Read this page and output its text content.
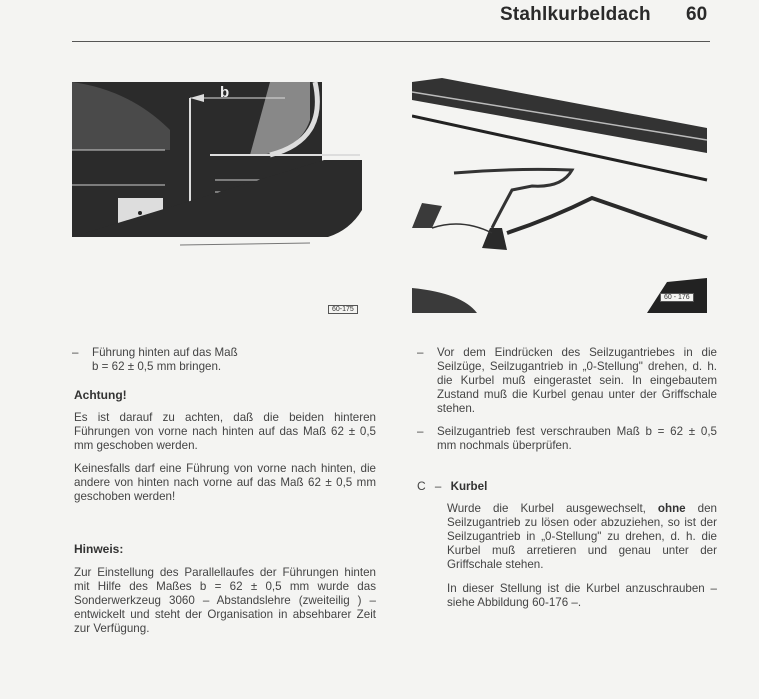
Stahlkurbeldach 60
b
60-175
60 - 176
– Führung hinten auf das Maß
b = 62 ± 0,5 mm bringen.
Achtung!

Es ist darauf zu achten, daß die beiden hinteren Führungen von vorne nach hinten auf das Maß 62 ± 0,5 mm geschoben werden.

Keinesfalls darf eine Führung von vorne nach hinten, die andere von hinten nach vorne auf das Maß 62 ± 0,5 mm geschoben werden!

Hinweis:

Zur Einstellung des Parallellaufes der Führungen hinten mit Hilfe des Maßes b = 62 ± 0,5 mm wurde das Sonderwerkzeug 3060 – Abstandslehre (zweiteilig ) – entwickelt und steht der Organisation in absehbarer Zeit zur Verfügung.

– Vor dem Eindrücken des Seilzugantriebes in die Seilzüge, Seilzugantrieb in „0-Stellung" drehen, d. h. die Kurbel muß eingerastet sein. In eingebautem Zustand muß die Kurbel genau unter der Griffschale stehen.

– Seilzugantrieb fest verschrauben Maß b = 62 ± 0,5 mm nochmals überprüfen.

C – Kurbel

Wurde die Kurbel ausgewechselt, ohne den Seilzugantrieb zu lösen oder abzuziehen, so ist der Seilzugantrieb in „0-Stellung" zu drehen, d. h. die Kurbel muß arretieren und genau unter der Griffschale stehen.

In dieser Stellung ist die Kurbel anzuschrauben – siehe Abbildung 60-176 –.
